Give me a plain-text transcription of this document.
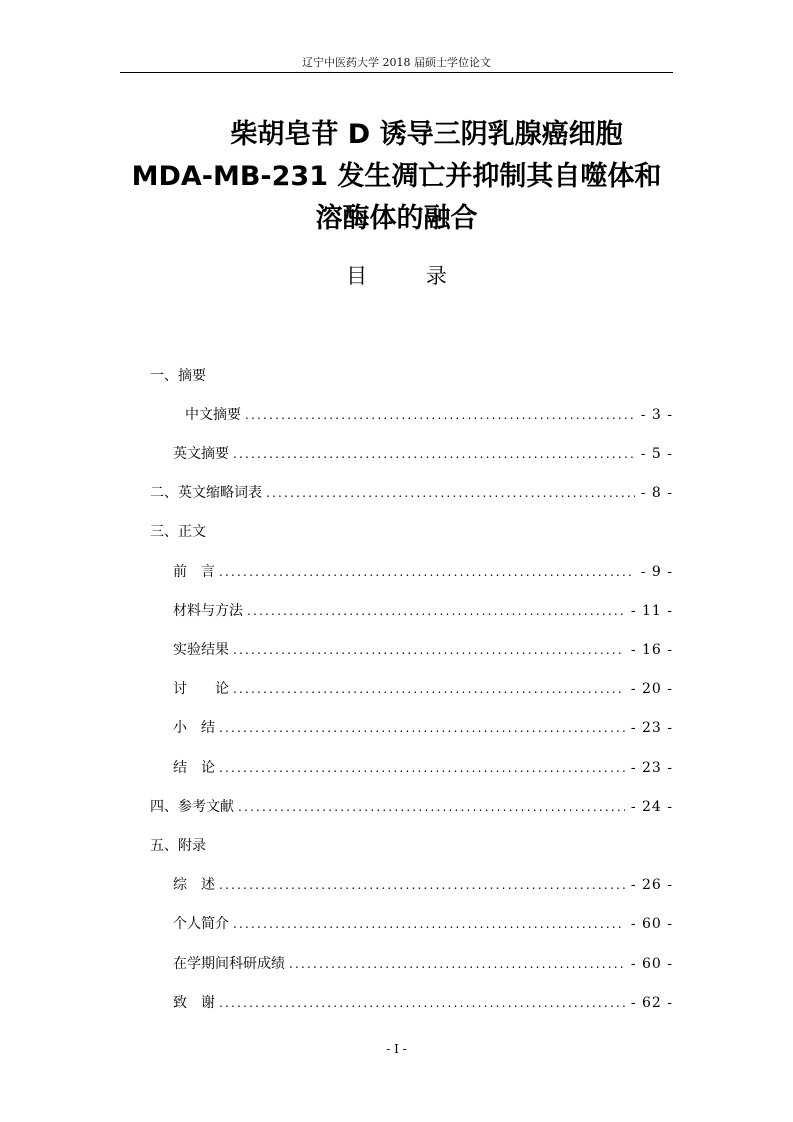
辽宁中医药大学 2018 届硕士学位论文
柴胡皂苷 D 诱导三阴乳腺癌细胞
MDA-MB-231 发生凋亡并抑制其自噬体和
溶酶体的融合
目 录
一、摘要
中文摘要 .....	- 3 -
英文摘要 .....	- 5 -
二、英文缩略词表 .....	- 8 -
三、正文
前　言 .....	- 9 -
材料与方法 .....	- 11 -
实验结果 .....	- 16 -
讨　　论 .....	- 20 -
小　结 .....	- 23 -
结　论 .....	- 23 -
四、参考文献 .....	- 24 -
五、附录
综　述 .....	- 26 -
个人简介 .....	- 60 -
在学期间科研成绩 .....	- 60 -
致　谢 .....	- 62 -
- I -
